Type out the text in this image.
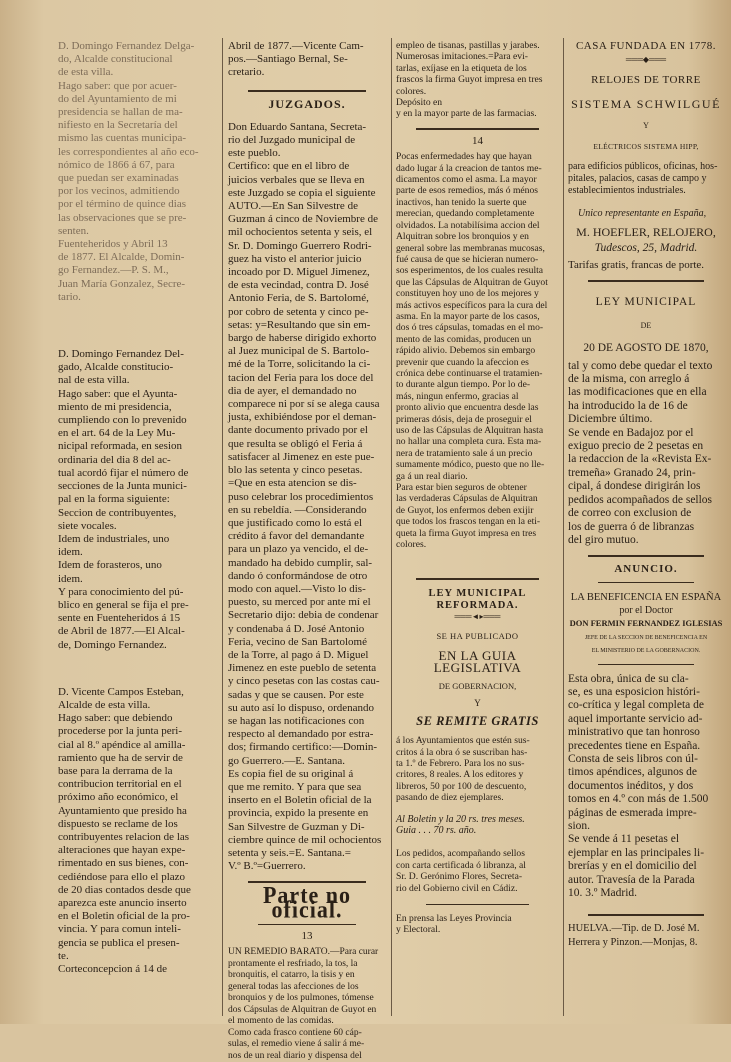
D. Domingo Fernandez Delga-
do, Alcalde constitucional
de esta villa.
Hago saber: que por acuer-
do del Ayuntamiento de mi
presidencia se hallan de ma-
nifiesto en la Secretaría del
mismo las cuentas municipa-
les correspondientes al año eco-
nómico de 1866 á 67, para
que puedan ser examinadas
por los vecinos, admitiendo
por el término de quince dias
las observaciones que se pre-
senten.
Fuenteheridos y Abril 13
de 1877. El Alcalde, Domin-
go Fernandez.—P. S. M.,
Juan María Gonzalez, Secre-
tario.
D. Domingo Fernandez Del-
gado, Alcalde constitucio-
nal de esta villa.
Hago saber: que el Ayunta-
miento de mi presidencia,
cumpliendo con lo prevenido
en el art. 64 de la Ley Mu-
nicipal reformada, en sesion
ordinaria del dia 8 del ac-
tual acordó fijar el número de
secciones de la Junta munici-
pal en la forma siguiente:
Seccion de contribuyentes,
siete vocales.
Idem de industriales, uno
idem.
Idem de forasteros, uno
idem.
Y para conocimiento del pú-
blico en general se fija el pre-
sente en Fuenteheridos á 15
de Abril de 1877.—El Alcal-
de, Domingo Fernandez.
D. Vicente Campos Esteban,
Alcalde de esta villa.
Hago saber: que debiendo
procederse por la junta peri-
cial al 8.º apéndice al amilla-
ramiento que ha de servir de
base para la derrama de la
contribucion territorial en el
próximo año económico, el
Ayuntamiento que presido ha
dispuesto se reclame de los
contribuyentes relacion de las
alteraciones que hayan expe-
rimentado en sus bienes, con-
cediéndose para ello el plazo
de 20 dias contados desde que
aparezca este anuncio inserto
en el Boletin oficial de la pro-
vincia. Y para comun inteli-
gencia se publica el presen-
te.
Corteconcepcion á 14 de
Abril de 1877.—Vicente Cam-
pos.—Santiago Bernal, Se-
cretario.
JUZGADOS.
Don Eduardo Santana, Secreta-
rio del Juzgado municipal de
este pueblo.
Certifico: que en el libro de
juicios verbales que se lleva en
este Juzgado se copia el siguiente
AUTO.—En San Silvestre de
Guzman á cinco de Noviembre de
mil ochocientos setenta y seis, el
Sr. D. Domingo Guerrero Rodri-
guez ha visto el anterior juicio
incoado por D. Miguel Jimenez,
de esta vecindad, contra D. José
Antonio Feria, de S. Bartolomé,
por cobro de setenta y cinco pe-
setas: y=Resultando que sin em-
bargo de haberse dirigido exhorto
al Juez municipal de S. Bartolo-
mé de la Torre, solicitando la ci-
tacion del Feria para los doce del
dia de ayer, el demandado no
comparece ni por sí se alega causa
justa, exhibiéndose por el deman-
dante documento privado por el
que resulta se obligó el Feria á
satisfacer al Jimenez en este pue-
blo las setenta y cinco pesetas.
=Que en esta atencion se dis-
puso celebrar los procedimientos
en su rebeldía. —Considerando
que justificado como lo está el
crédito á favor del demandante
para un plazo ya vencido, el de-
mandado ha debido cumplir, sal-
dando ó conformándose de otro
modo con aquel.—Visto lo dis-
puesto, su merced por ante mí el
Secretario dijo: debia de condenar
y condenaba á D. José Antonio
Feria, vecino de San Bartolomé
de la Torre, al pago á D. Miguel
Jimenez en este pueblo de setenta
y cinco pesetas con las costas cau-
sadas y que se causen. Por este
su auto así lo dispuso, ordenando
se hagan las notificaciones con
respecto al demandado por estra-
dos; firmando certifico:—Domin-
go Guerrero.—E. Santana.
Es copia fiel de su original á
que me remito. Y para que sea
inserto en el Boletin oficial de la
provincia, expido la presente en
San Silvestre de Guzman y Di-
ciembre quince de mil ochocientos
setenta y seis.=E. Santana.=
V.º B.º=Guerrero.
Parte no oficial.
13
UN REMEDIO BARATO.—Para curar
prontamente el resfriado, la tos, la
bronquitis, el catarro, la tisis y en
general todas las afecciones de los
bronquios y de los pulmones, tómense
dos Cápsulas de Alquitran de Guyot en
el momento de las comidas.
Como cada frasco contiene 60 cáp-
sulas, el remedio viene á salir á me-
nos de un real diario y dispensa del
empleo de tisanas, pastillas y jarabes.
Numerosas imitaciones.=Para evi-
tarlas, exíjase en la etiqueta de los
frascos la firma Guyot impresa en tres
colores.
Depósito en
y en la mayor parte de las farmacias.
14
Pocas enfermedades hay que hayan
dado lugar á la creacion de tantos me-
dicamentos como el asma. La mayor
parte de esos remedios, más ó ménos
inactivos, han tenido la suerte que
merecian, quedando completamente
olvidados. La notabilísima accion del
Alquitran sobre los bronquios y en
general sobre las membranas mucosas,
fué causa de que se hicieran numero-
sos esperimentos, de los cuales resulta
que las Cápsulas de Alquitran de Guyot
constituyen hoy uno de los mejores y
más activos específicos para la cura del
asma. En la mayor parte de los casos,
dos ó tres cápsulas, tomadas en el mo-
mento de las comidas, producen un
rápido alivio. Debemos sin embargo
prevenir que cuando la afeccion es
crónica debe continuarse el tratamien-
to durante algun tiempo. Por lo de-
más, ningun enfermo, gracias al
pronto alivio que encuentra desde las
primeras dósis, deja de proseguir el
uso de las Cápsulas de Alquitran hasta
no hallar una completa cura. Esta ma-
nera de tratamiento sale á un precio
sumamente módico, puesto que no lle-
ga á un real diario.
Para estar bien seguros de obtener
las verdaderas Cápsulas de Alquitran
de Guyot, los enfermos deben exijir
que todos los frascos tengan en la eti-
queta la firma Guyot impresa en tres
colores.
LEY MUNICIPAL REFORMADA.
═══◄▸═══
SE HA PUBLICADO
EN LA GUIA LEGISLATIVA
DE GOBERNACION,
Y
SE REMITE GRATIS
á los Ayuntamientos que estén sus-
critos á la obra ó se suscriban has-
ta 1.º de Febrero. Para los no sus-
critores, 8 reales. A los editores y
libreros, 50 por 100 de descuento,
pasando de diez ejemplares.
Al Boletin y la 20 rs. tres meses.
Guia . . . 70 rs. año.
Los pedidos, acompañando sellos
con carta certificada ó libranza, al
Sr. D. Gerónimo Flores, Secreta-
rio del Gobierno civil en Cádiz.
En prensa las Leyes Provincia
y Electoral.
CASA FUNDADA EN 1778.
═══◆═══
RELOJES DE TORRE
SISTEMA SCHWILGUÉ
Y
ELÉCTRICOS SISTEMA HIPP,
para edificios públicos, oficinas, hos-
pitales, palacios, casas de campo y
establecimientos industriales.
Unico representante en España,
M. HOEFLER, RELOJERO,
Tudescos, 25, Madrid.
Tarifas gratis, francas de porte.
LEY MUNICIPAL
DE
20 DE AGOSTO DE 1870,
tal y como debe quedar el texto
de la misma, con arreglo á
las modificaciones que en ella
ha introducido la de 16 de
Diciembre último.
Se vende en Badajoz por el
exiguo precio de 2 pesetas en
la redaccion de la «Revista Ex-
tremeña» Granado 24, prin-
cipal, á dondese dirigirán los
pedidos acompañados de sellos
de correo con exclusion de
los de guerra ó de libranzas
del giro mutuo.
ANUNCIO.
LA BENEFICENCIA EN ESPAÑA
por el Doctor
DON FERMIN FERNANDEZ IGLESIAS
JEFE DE LA SECCION DE BENEFICENCIA EN
EL MINISTERIO DE LA GOBERNACION.
Esta obra, única de su cla-
se, es una esposicion históri-
co-crítica y legal completa de
aquel importante servicio ad-
ministrativo que tan honroso
precedentes tiene en España.
Consta de seis libros con úl-
timos apéndices, algunos de
documentos inéditos, y dos
tomos en 4.º con más de 1.500
páginas de esmerada impre-
sion.
Se vende á 11 pesetas el
ejemplar en las principales li-
brerías y en el domicilio del
autor. Travesía de la Parada
10. 3.º Madrid.
HUELVA.—Tip. de D. José M.
Herrera y Pinzon.—Monjas, 8.
